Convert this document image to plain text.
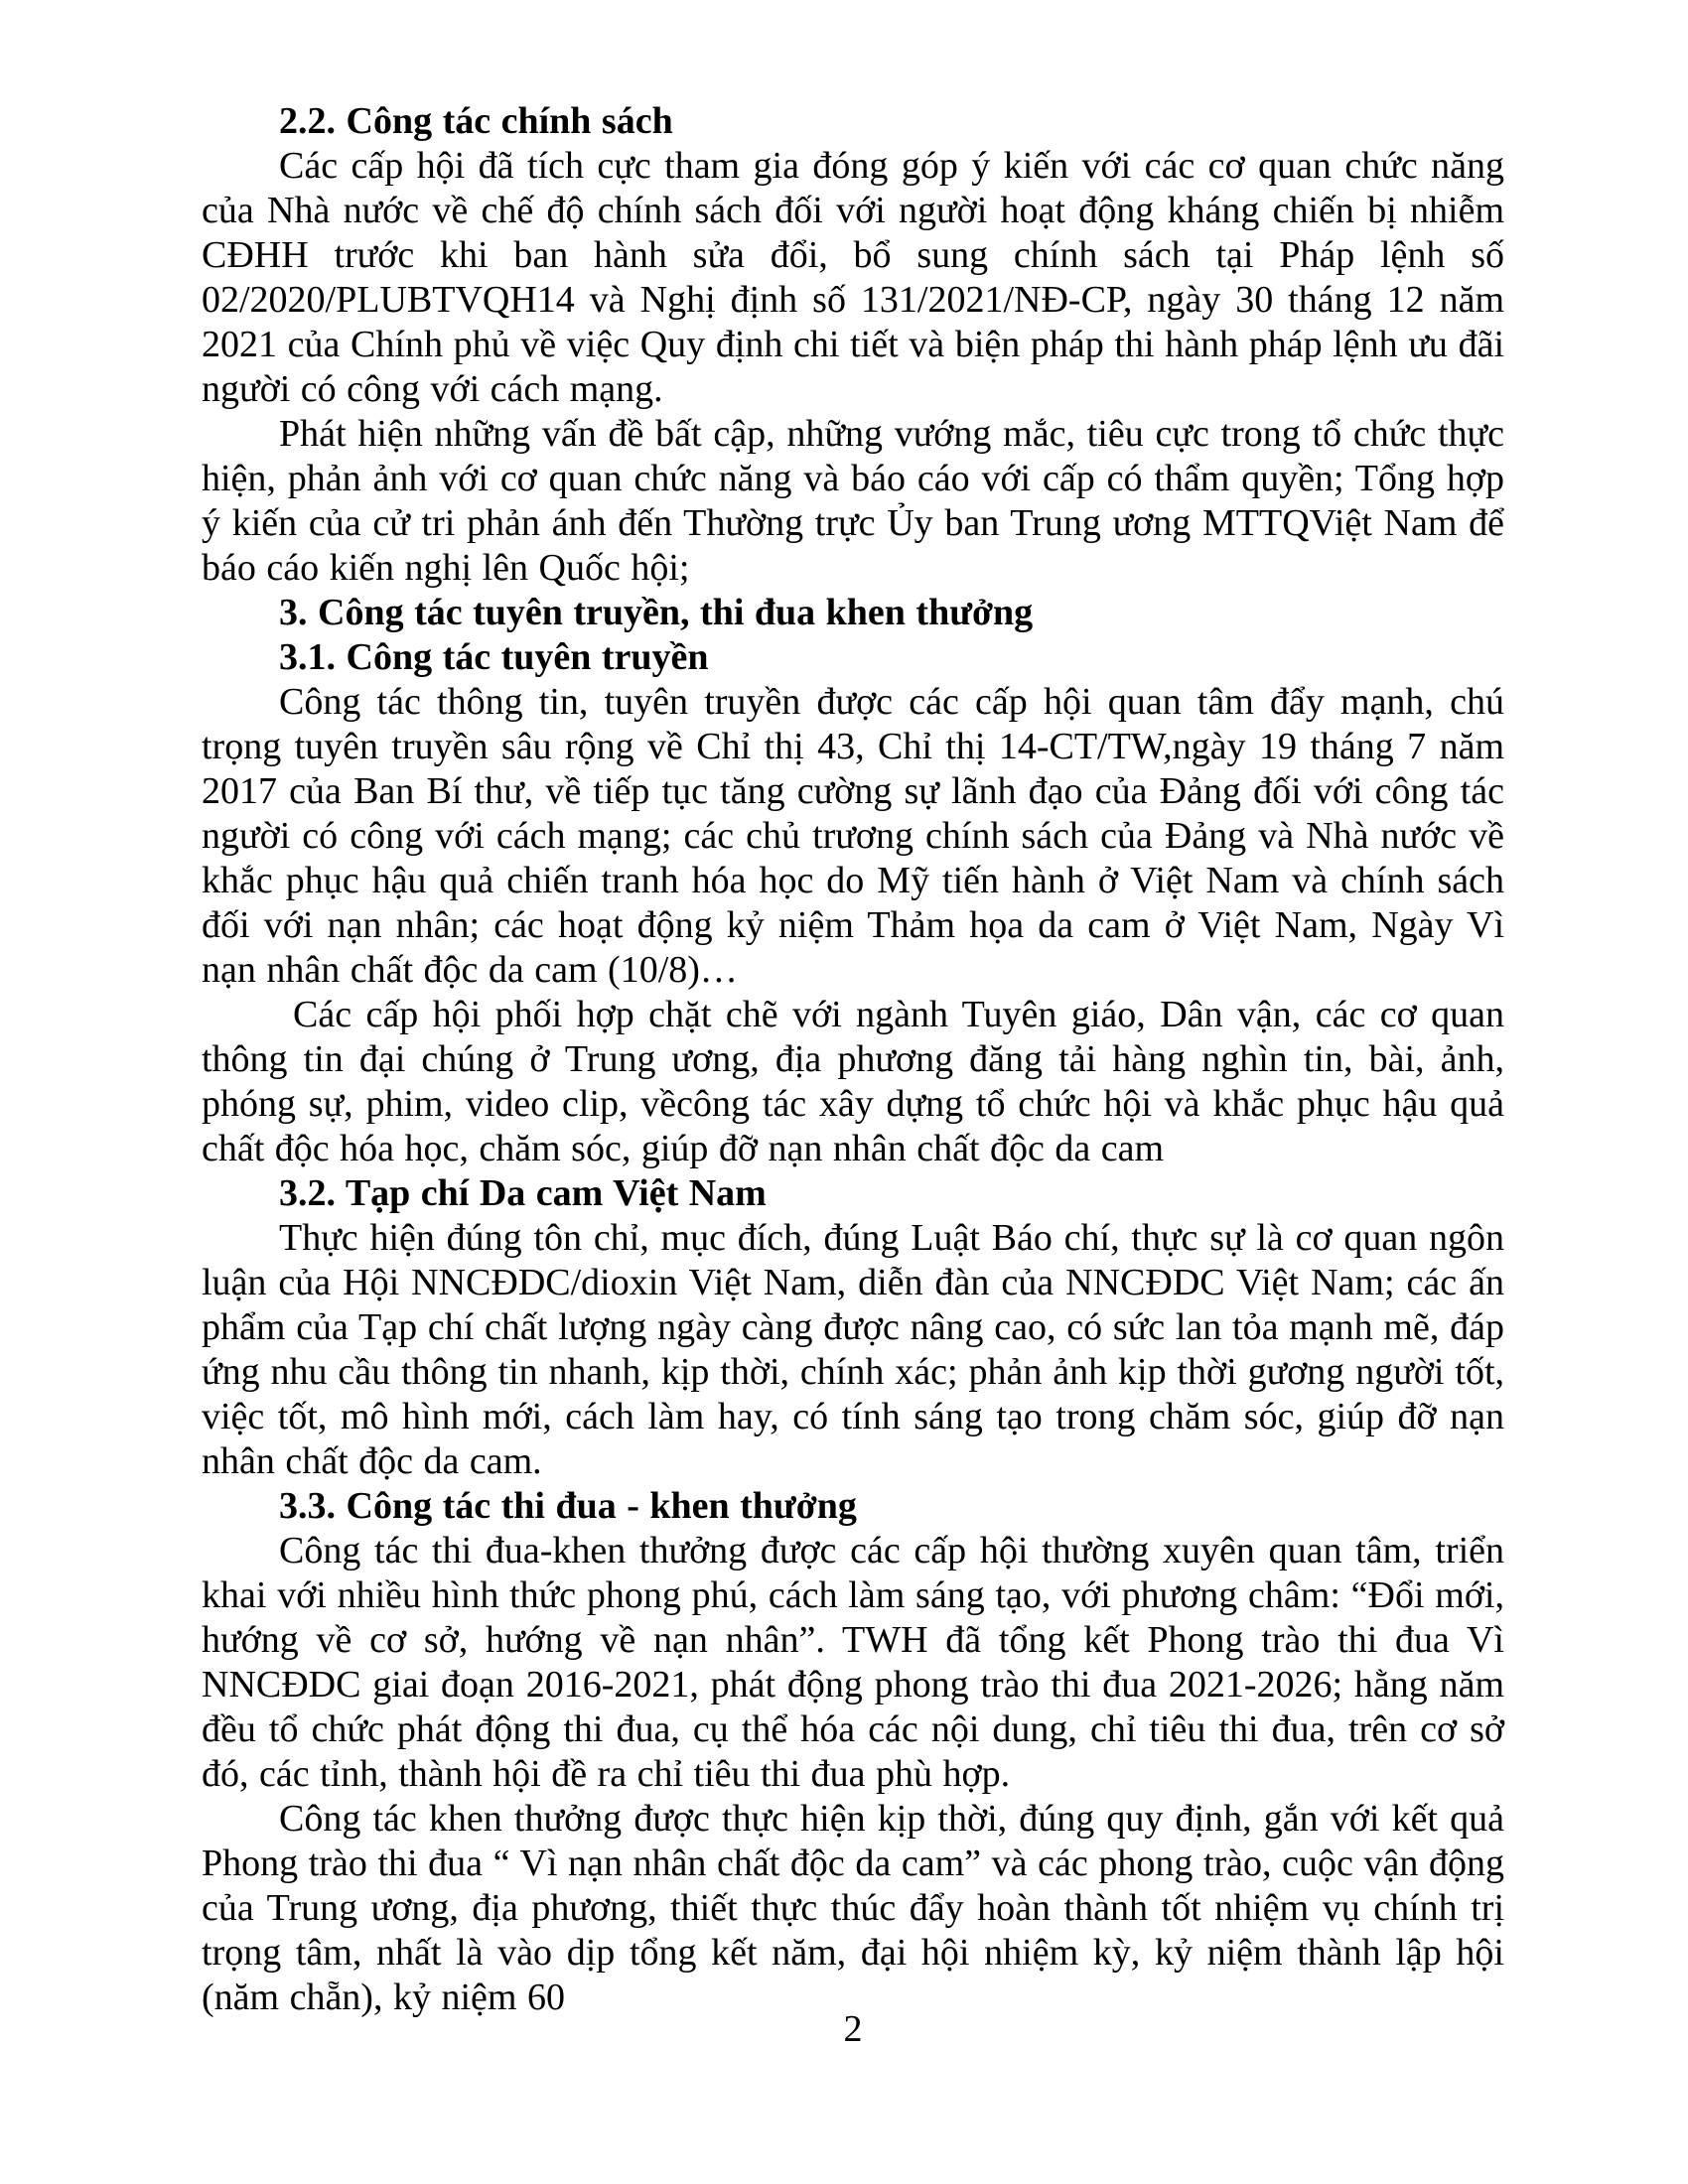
2.2. Công tác chính sách

Các cấp hội đã tích cực tham gia đóng góp ý kiến với các cơ quan chức năng của Nhà nước về chế độ chính sách đối với người hoạt động kháng chiến bị nhiễm CĐHH trước khi ban hành sửa đổi, bổ sung chính sách tại Pháp lệnh số 02/2020/PLUBTVQH14 và Nghị định số 131/2021/NĐ-CP, ngày 30 tháng 12 năm 2021 của Chính phủ về việc Quy định chi tiết và biện pháp thi hành pháp lệnh ưu đãi người có công với cách mạng.

Phát hiện những vấn đề bất cập, những vướng mắc, tiêu cực trong tổ chức thực hiện, phản ảnh với cơ quan chức năng và báo cáo với cấp có thẩm quyền; Tổng hợp ý kiến của cử tri phản ánh đến Thường trực Ủy ban Trung ương MTTQViệt Nam để báo cáo kiến nghị lên Quốc hội;

3. Công tác tuyên truyền, thi đua khen thưởng

3.1. Công tác tuyên truyền

Công tác thông tin, tuyên truyền được các cấp hội quan tâm đẩy mạnh, chú trọng tuyên truyền sâu rộng về Chỉ thị 43, Chỉ thị 14-CT/TW,ngày 19 tháng 7 năm 2017 của Ban Bí thư, về tiếp tục tăng cường sự lãnh đạo của Đảng đối với công tác người có công với cách mạng; các chủ trương chính sách của Đảng và Nhà nước về khắc phục hậu quả chiến tranh hóa học do Mỹ tiến hành ở Việt Nam và chính sách đối với nạn nhân; các hoạt động kỷ niệm Thảm họa da cam ở Việt Nam, Ngày Vì nạn nhân chất độc da cam (10/8)…

Các cấp hội phối hợp chặt chẽ với ngành Tuyên giáo, Dân vận, các cơ quan thông tin đại chúng ở Trung ương, địa phương đăng tải hàng nghìn tin, bài, ảnh, phóng sự, phim, video clip, vềcông tác xây dựng tổ chức hội và khắc phục hậu quả chất độc hóa học, chăm sóc, giúp đỡ nạn nhân chất độc da cam

3.2. Tạp chí Da cam Việt Nam

Thực hiện đúng tôn chỉ, mục đích, đúng Luật Báo chí, thực sự là cơ quan ngôn luận của Hội NNCĐDC/dioxin Việt Nam, diễn đàn của NNCĐDC Việt Nam; các ấn phẩm của Tạp chí chất lượng ngày càng được nâng cao, có sức lan tỏa mạnh mẽ, đáp ứng nhu cầu thông tin nhanh, kịp thời, chính xác; phản ảnh kịp thời gương người tốt, việc tốt, mô hình mới, cách làm hay, có tính sáng tạo trong chăm sóc, giúp đỡ nạn nhân chất độc da cam.

3.3. Công tác thi đua - khen thưởng

Công tác thi đua-khen thưởng được các cấp hội thường xuyên quan tâm, triển khai với nhiều hình thức phong phú, cách làm sáng tạo, với phương châm: “Đổi mới, hướng về cơ sở, hướng về nạn nhân”. TWH đã tổng kết Phong trào thi đua Vì NNCĐDC giai đoạn 2016-2021, phát động phong trào thi đua 2021-2026; hằng năm đều tổ chức phát động thi đua, cụ thể hóa các nội dung, chỉ tiêu thi đua, trên cơ sở đó, các tỉnh, thành hội đề ra chỉ tiêu thi đua phù hợp.

Công tác khen thưởng được thực hiện kịp thời, đúng quy định, gắn với kết quả Phong trào thi đua “ Vì nạn nhân chất độc da cam” và các phong trào, cuộc vận động của Trung ương, địa phương, thiết thực thúc đẩy hoàn thành tốt nhiệm vụ chính trị trọng tâm, nhất là vào dịp tổng kết năm, đại hội nhiệm kỳ, kỷ niệm thành lập hội (năm chẵn), kỷ niệm 60

2
